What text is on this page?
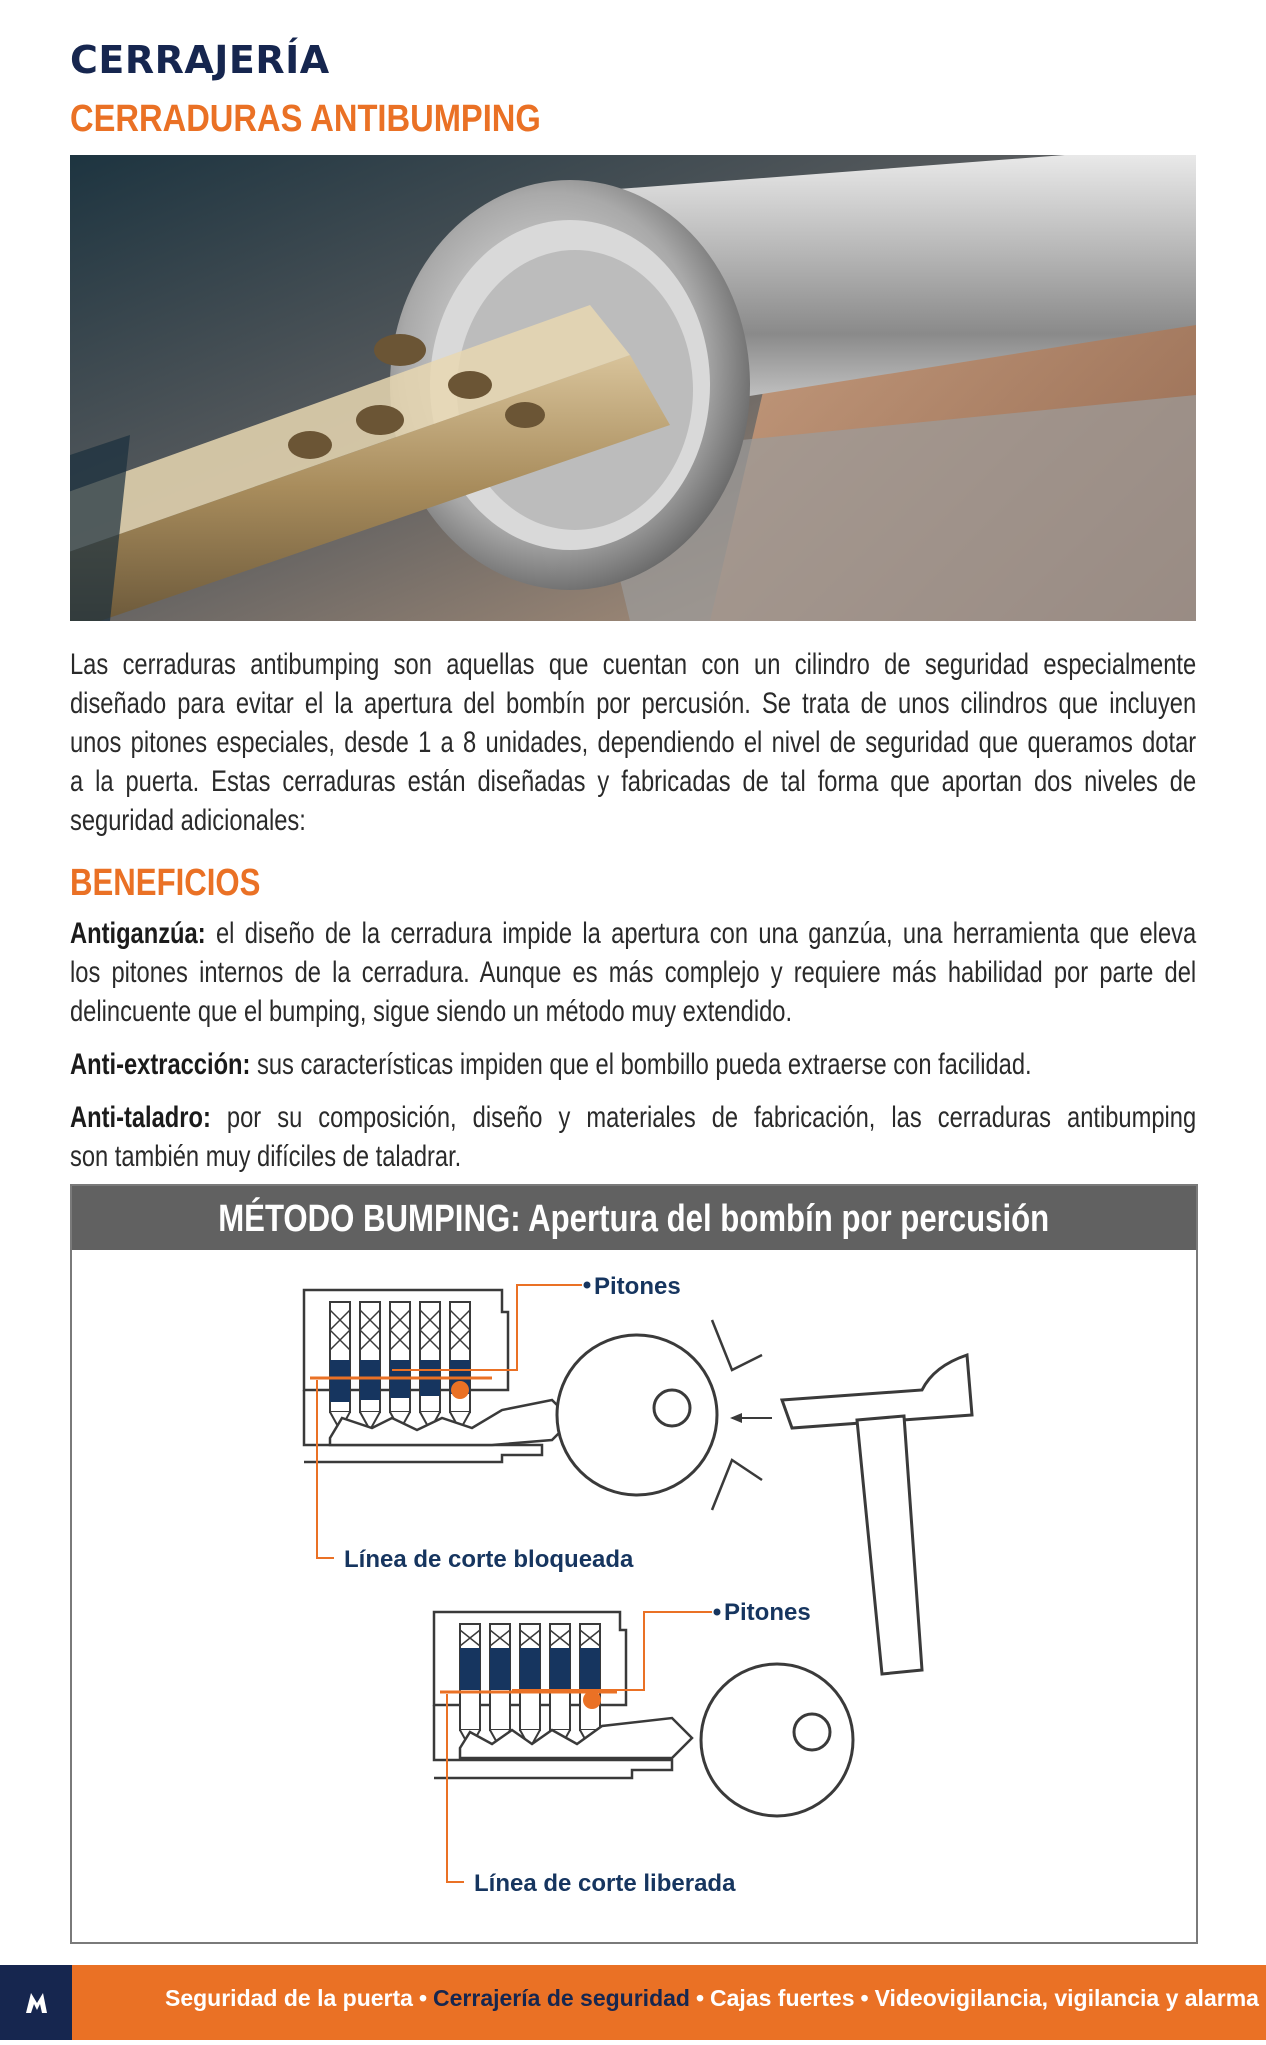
CERRAJERÍA
CERRADURAS ANTIBUMPING
Las cerraduras antibumping son aquellas que cuentan con un cilindro de seguridad especialmente
diseñado para evitar el la apertura del bombín por percusión. Se trata de unos cilindros que incluyen
unos pitones especiales, desde 1 a 8 unidades, dependiendo el nivel de seguridad que queramos dotar
a la puerta. Estas cerraduras están diseñadas y fabricadas de tal forma que aportan dos niveles de
seguridad adicionales:
BENEFICIOS
Antiganzúa: el diseño de la cerradura impide la apertura con una ganzúa, una herramienta que eleva
los pitones internos de la cerradura. Aunque es más complejo y requiere más habilidad por parte del
delincuente que el bumping, sigue siendo un método muy extendido.
Anti-extracción: sus características impiden que el bombillo pueda extraerse con facilidad.
Anti-taladro: por su composición, diseño y materiales de fabricación, las cerraduras antibumping
son también muy difíciles de taladrar.
MÉTODO BUMPING: Apertura del bombín por percusión
Pitones
Línea de corte bloqueada
Pitones
Línea de corte liberada
Seguridad de la puerta • Cerrajería de seguridad • Cajas fuertes • Videovigilancia, vigilancia y alarma
